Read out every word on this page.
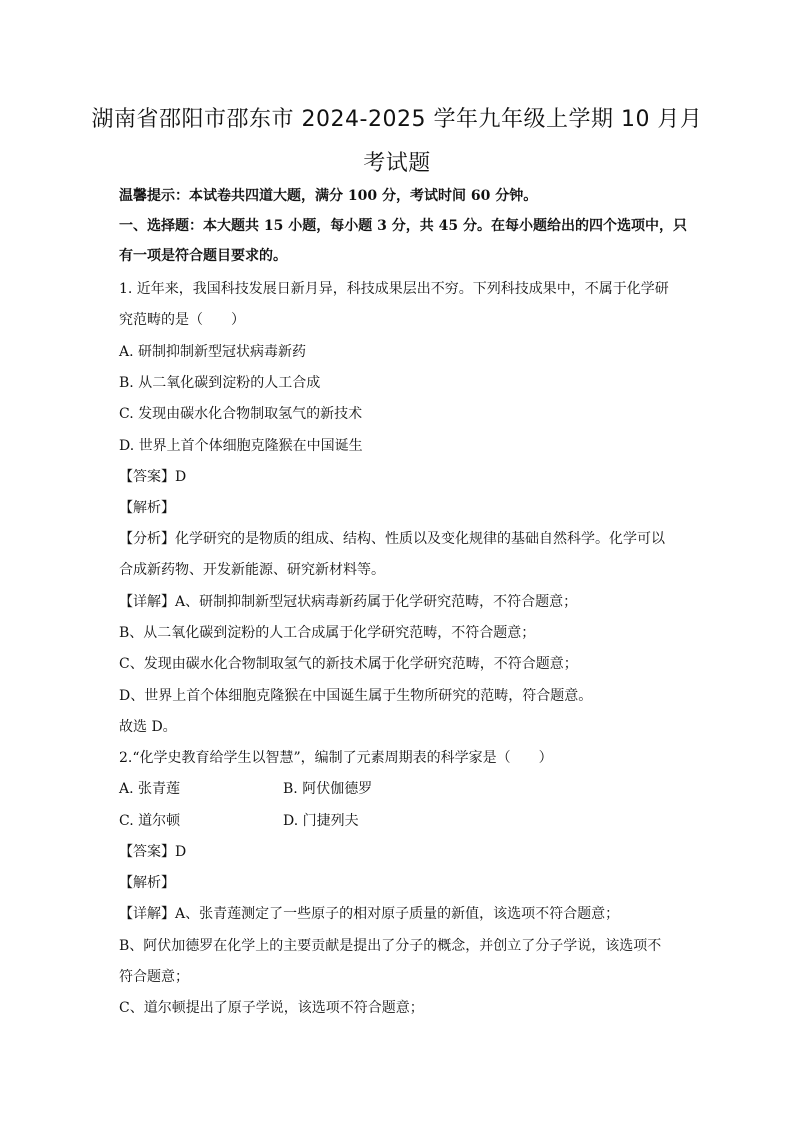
湖南省邵阳市邵东市 2024-2025 学年九年级上学期 10 月月
考试题
温馨提示：本试卷共四道大题，满分 100 分，考试时间 60 分钟。
一、选择题：本大题共 15 小题，每小题 3 分，共 45 分。在每小题给出的四个选项中，只
有一项是符合题目要求的。
1. 近年来，我国科技发展日新月异，科技成果层出不穷。下列科技成果中，不属于化学研
究范畴的是（　　）
A. 研制抑制新型冠状病毒新药
B. 从二氧化碳到淀粉的人工合成
C. 发现由碳水化合物制取氢气的新技术
D. 世界上首个体细胞克隆猴在中国诞生
【答案】D
【解析】
【分析】化学研究的是物质的组成、结构、性质以及变化规律的基础自然科学。化学可以
合成新药物、开发新能源、研究新材料等。
【详解】A、研制抑制新型冠状病毒新药属于化学研究范畴，不符合题意；
B、从二氧化碳到淀粉的人工合成属于化学研究范畴，不符合题意；
C、发现由碳水化合物制取氢气的新技术属于化学研究范畴，不符合题意；
D、世界上首个体细胞克隆猴在中国诞生属于生物所研究的范畴，符合题意。
故选 D。
2.“化学史教育给学生以智慧”，编制了元素周期表的科学家是（　　）
A. 张青莲	B. 阿伏伽德罗
C. 道尔顿	D. 门捷列夫
【答案】D
【解析】
【详解】A、张青莲测定了一些原子的相对原子质量的新值，该选项不符合题意；
B、阿伏加德罗在化学上的主要贡献是提出了分子的概念，并创立了分子学说，该选项不
符合题意；
C、道尔顿提出了原子学说，该选项不符合题意；
